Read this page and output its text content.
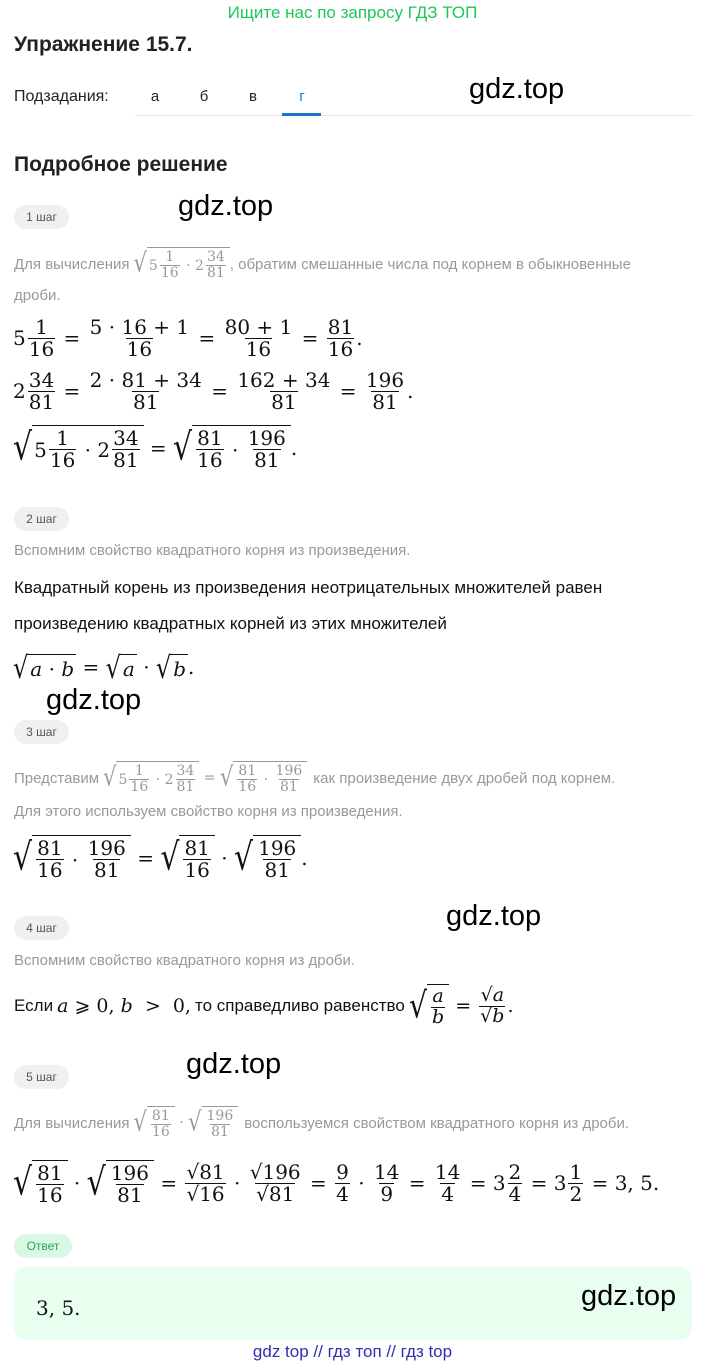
Ищите нас по запросу ГДЗ ТОП
Упражнение 15.7.
Подзадания:	а	б	в	г	gdz.top
Подробное решение
1 шаг	gdz.top
Для вычисления √ $5 \frac{1}{16} \cdot 2 \frac{34}{81}$ , обратим смешанные числа под корнем в обыкновенные
дроби.
$5 \frac{1}{16} = \frac{5 \cdot 16 + 1}{16} = \frac{80 + 1}{16} = \frac{81}{16}$ .
$2 \frac{34}{81} = \frac{2 \cdot 81 + 34}{81} = \frac{162 + 34}{81} = \frac{196}{81}$ .
√ $5 \frac{1}{16} \cdot 2 \frac{34}{81}$ = √ $\frac{81}{16} \cdot \frac{196}{81}$ .
2 шаг
Вспомним свойство квадратного корня из произведения.
Квадратный корень из произведения неотрицательных множителей равен
произведению квадратных корней из этих множителей
√ a · b = √ a · √ b .
gdz.top
3 шаг
Представим √ $5 \frac{1}{16} \cdot 2 \frac{34}{81}$ = √ $\frac{81}{16} \cdot \frac{196}{81}$ как произведение двух дробей под корнем.
Для этого используем свойство корня из произведения.
√ $\frac{81}{16} \cdot \frac{196}{81}$ = √ $\frac{81}{16}$ · √ $\frac{196}{81}$ .
gdz.top
4 шаг
Вспомним свойство квадратного корня из дроби.
Если a ⩾ 0, b  >  0, то справедливо равенство √ $\frac{a}{b} = \frac{√a}{√b}$ .
gdz.top
5 шаг
Для вычисления √ $\frac{81}{16}$ · √ $\frac{196}{81}$ воспользуемся свойством квадратного корня из дроби.
√ $\frac{81}{16}$ · √ $\frac{196}{81} = \frac{√81}{√16} \cdot \frac{√196}{√81} = \frac{9}{4} \cdot \frac{14}{9} = \frac{14}{4} = 3 \frac{2}{4} = 3 \frac{1}{2} = 3$, 5.
Ответ
3, 5.	gdz.top
gdz top // гдз топ // гдз top
